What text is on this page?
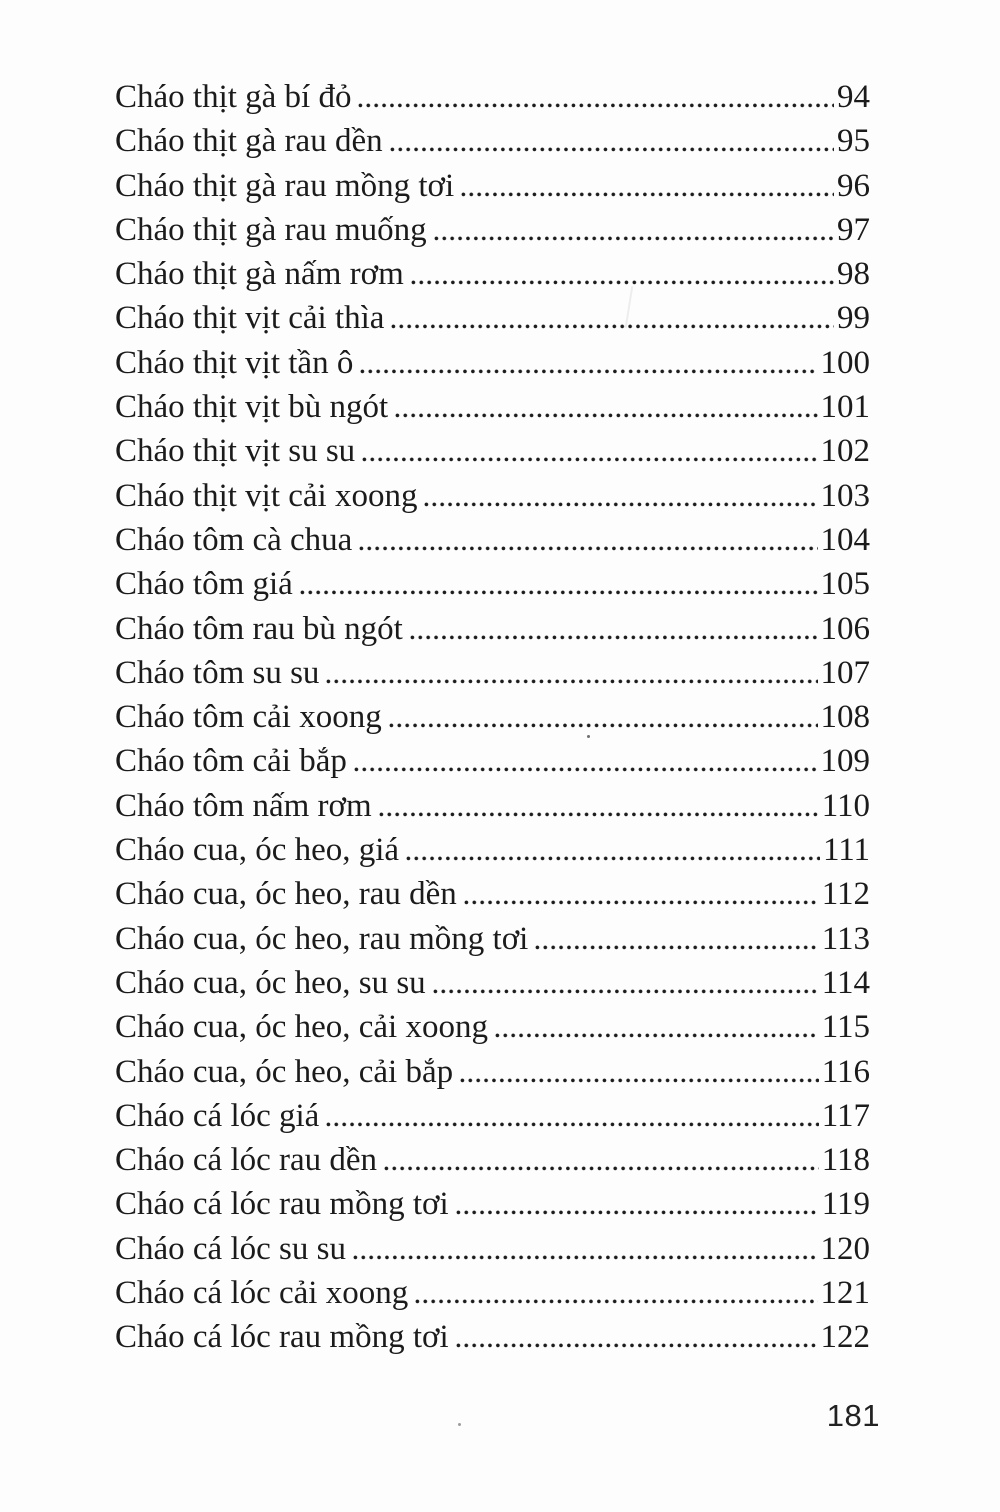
Cháo thịt gà bí đỏ	94
Cháo thịt gà rau dền	95
Cháo thịt gà rau mồng tơi	96
Cháo thịt gà rau muống	97
Cháo thịt gà nấm rơm	98
Cháo thịt vịt cải thìa	99
Cháo thịt vịt tần ô	100
Cháo thịt vịt bù ngót	101
Cháo thịt vịt su su	102
Cháo thịt vịt cải xoong	103
Cháo tôm cà chua	104
Cháo tôm giá	105
Cháo tôm rau bù ngót	106
Cháo tôm su su	107
Cháo tôm cải xoong	108
Cháo tôm cải bắp	109
Cháo tôm nấm rơm	110
Cháo cua, óc heo, giá	111
Cháo cua, óc heo, rau dền	112
Cháo cua, óc heo, rau mồng tơi	113
Cháo cua, óc heo, su su	114
Cháo cua, óc heo, cải xoong	115
Cháo cua, óc heo, cải bắp	116
Cháo cá lóc giá	117
Cháo cá lóc rau dền	118
Cháo cá lóc rau mồng tơi	119
Cháo cá lóc su su	120
Cháo cá lóc cải xoong	121
Cháo cá lóc rau mồng tơi	122
181
